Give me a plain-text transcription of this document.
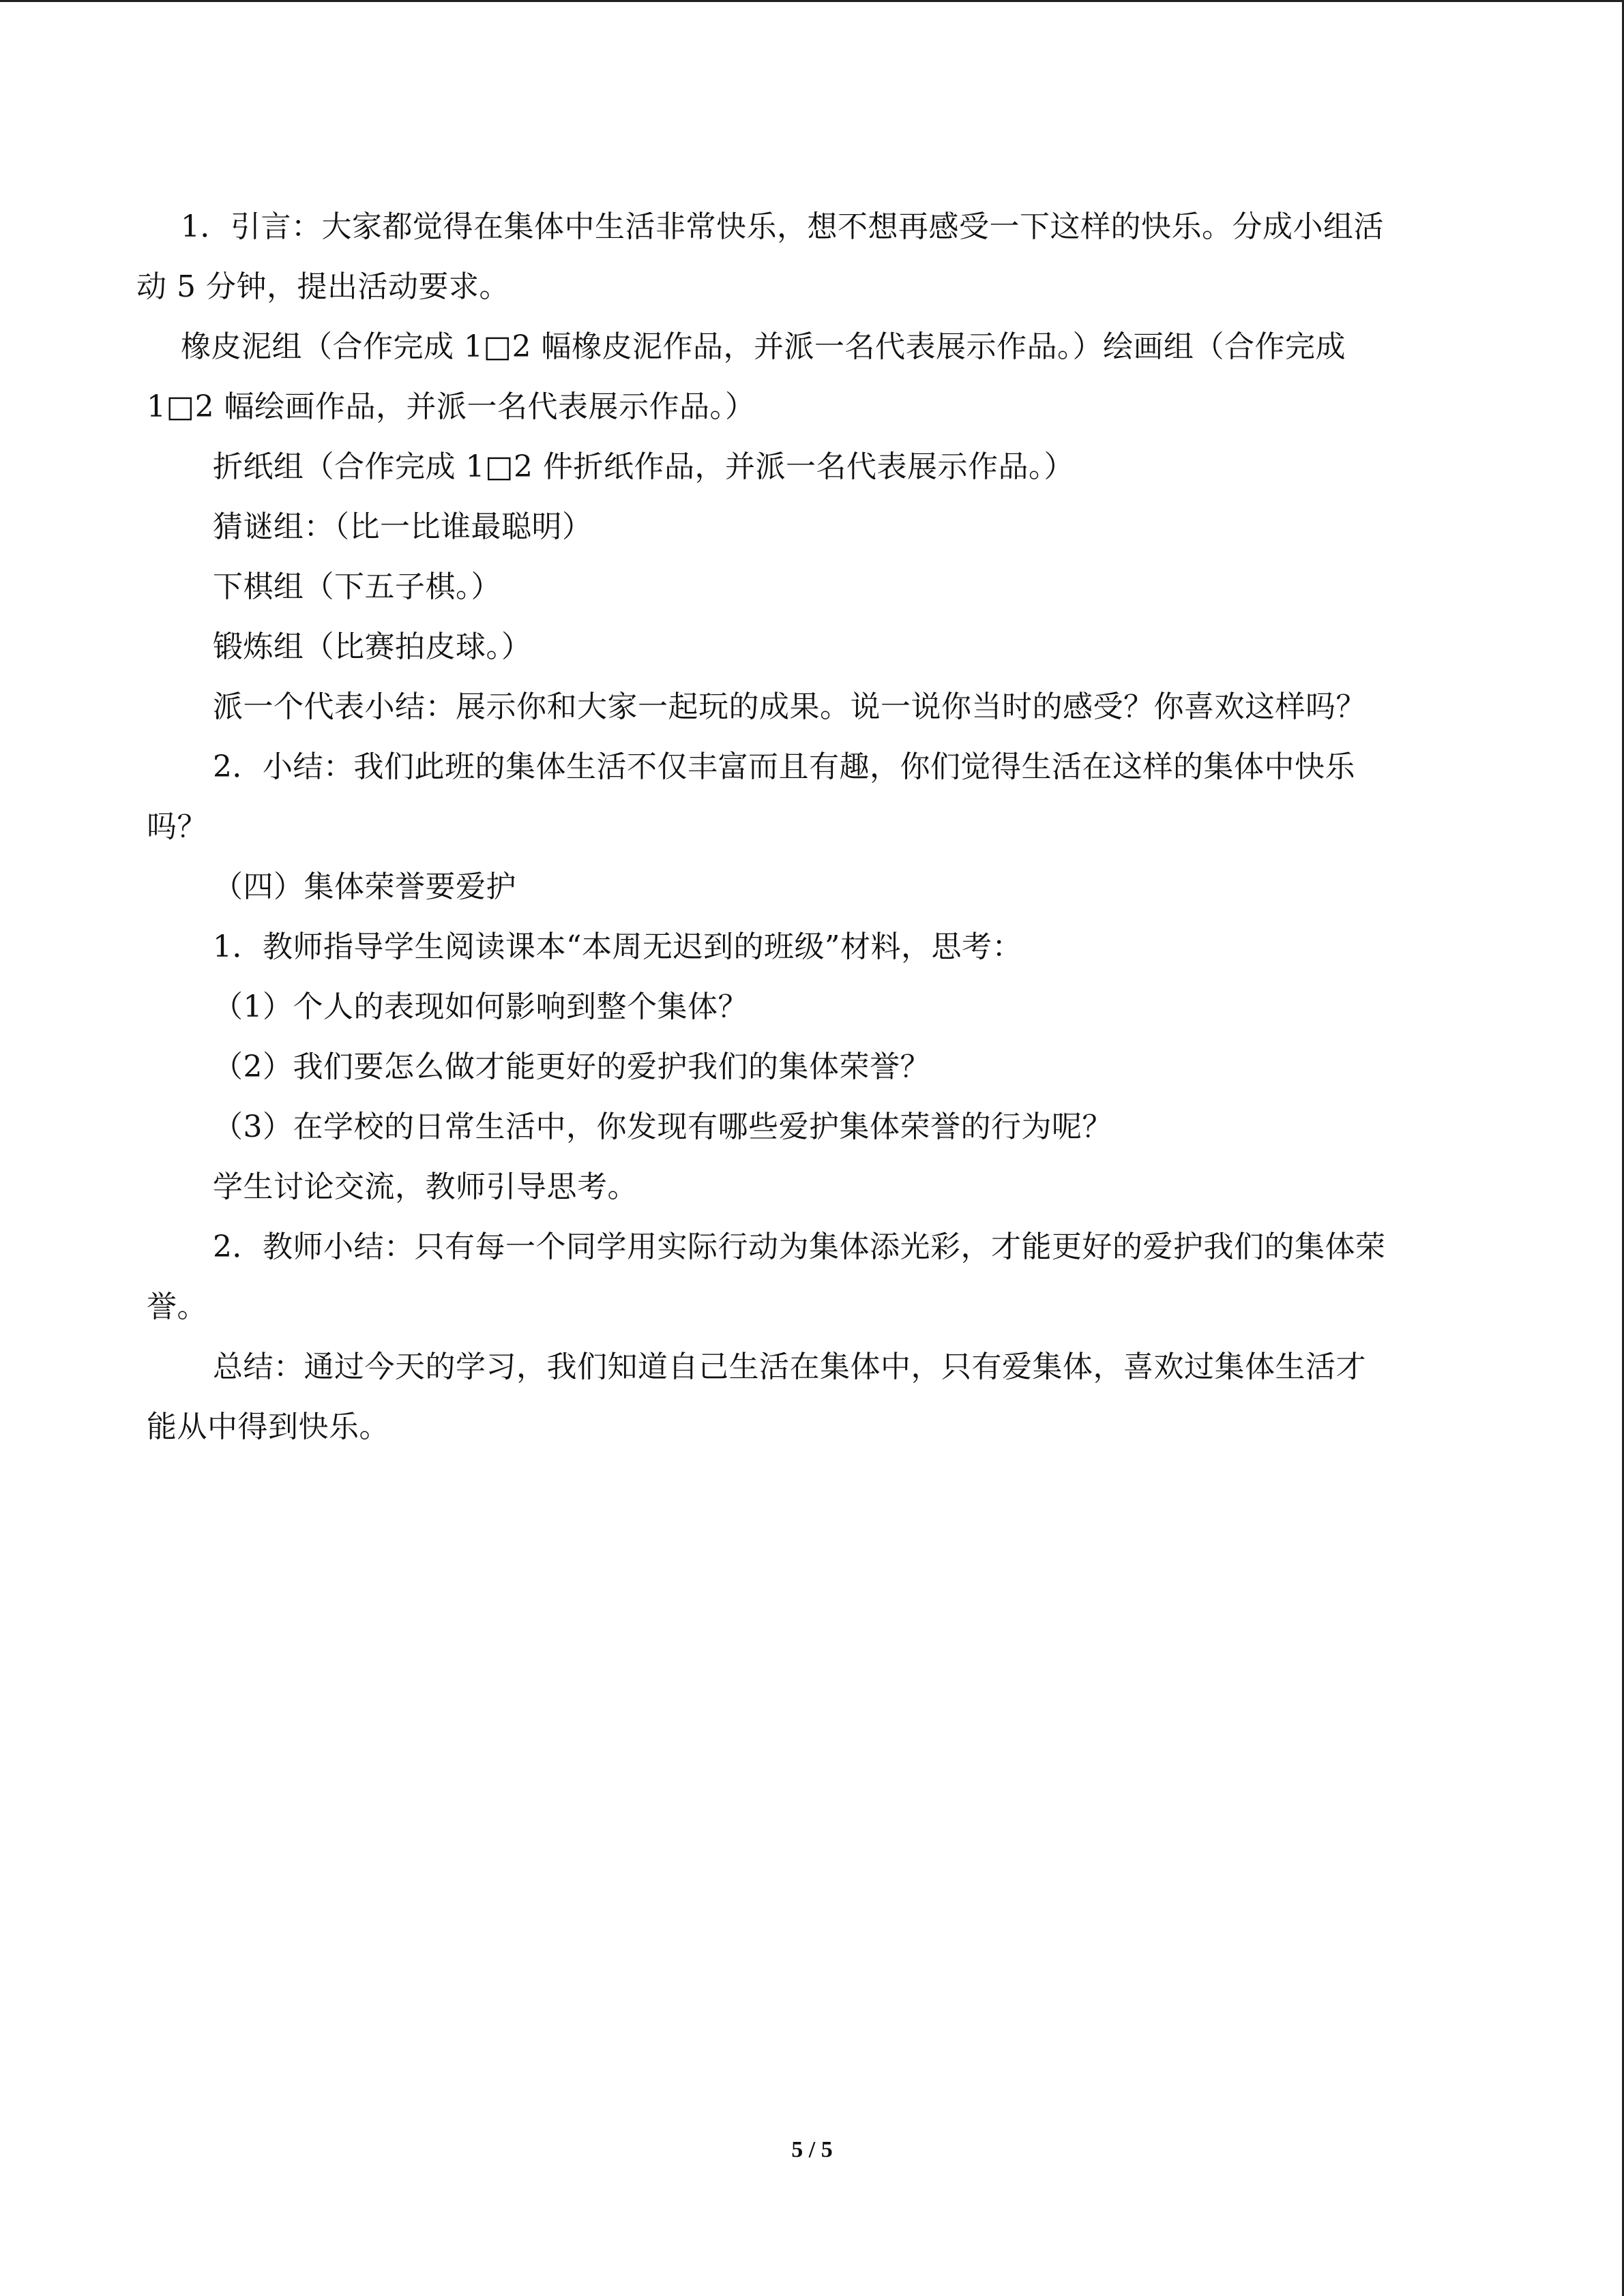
1．引言：大家都觉得在集体中生活非常快乐，想不想再感受一下这样的快乐。分成小组活
动 5 分钟，提出活动要求。
橡皮泥组（合作完成 1□2 幅橡皮泥作品，并派一名代表展示作品。）绘画组（合作完成
1□2 幅绘画作品，并派一名代表展示作品。）
折纸组（合作完成 1□2 件折纸作品，并派一名代表展示作品。）
猜谜组：（比一比谁最聪明）
下棋组（下五子棋。）
锻炼组（比赛拍皮球。）
派一个代表小结：展示你和大家一起玩的成果。说一说你当时的感受？你喜欢这样吗？
2．小结：我们此班的集体生活不仅丰富而且有趣，你们觉得生活在这样的集体中快乐
吗？
（四）集体荣誉要爱护
1．教师指导学生阅读课本“本周无迟到的班级”材料，思考：
（1）个人的表现如何影响到整个集体？
（2）我们要怎么做才能更好的爱护我们的集体荣誉？
（3）在学校的日常生活中，你发现有哪些爱护集体荣誉的行为呢？
学生讨论交流，教师引导思考。
2．教师小结：只有每一个同学用实际行动为集体添光彩，才能更好的爱护我们的集体荣
誉。
总结：通过今天的学习，我们知道自己生活在集体中，只有爱集体，喜欢过集体生活才
能从中得到快乐。
5 / 5
